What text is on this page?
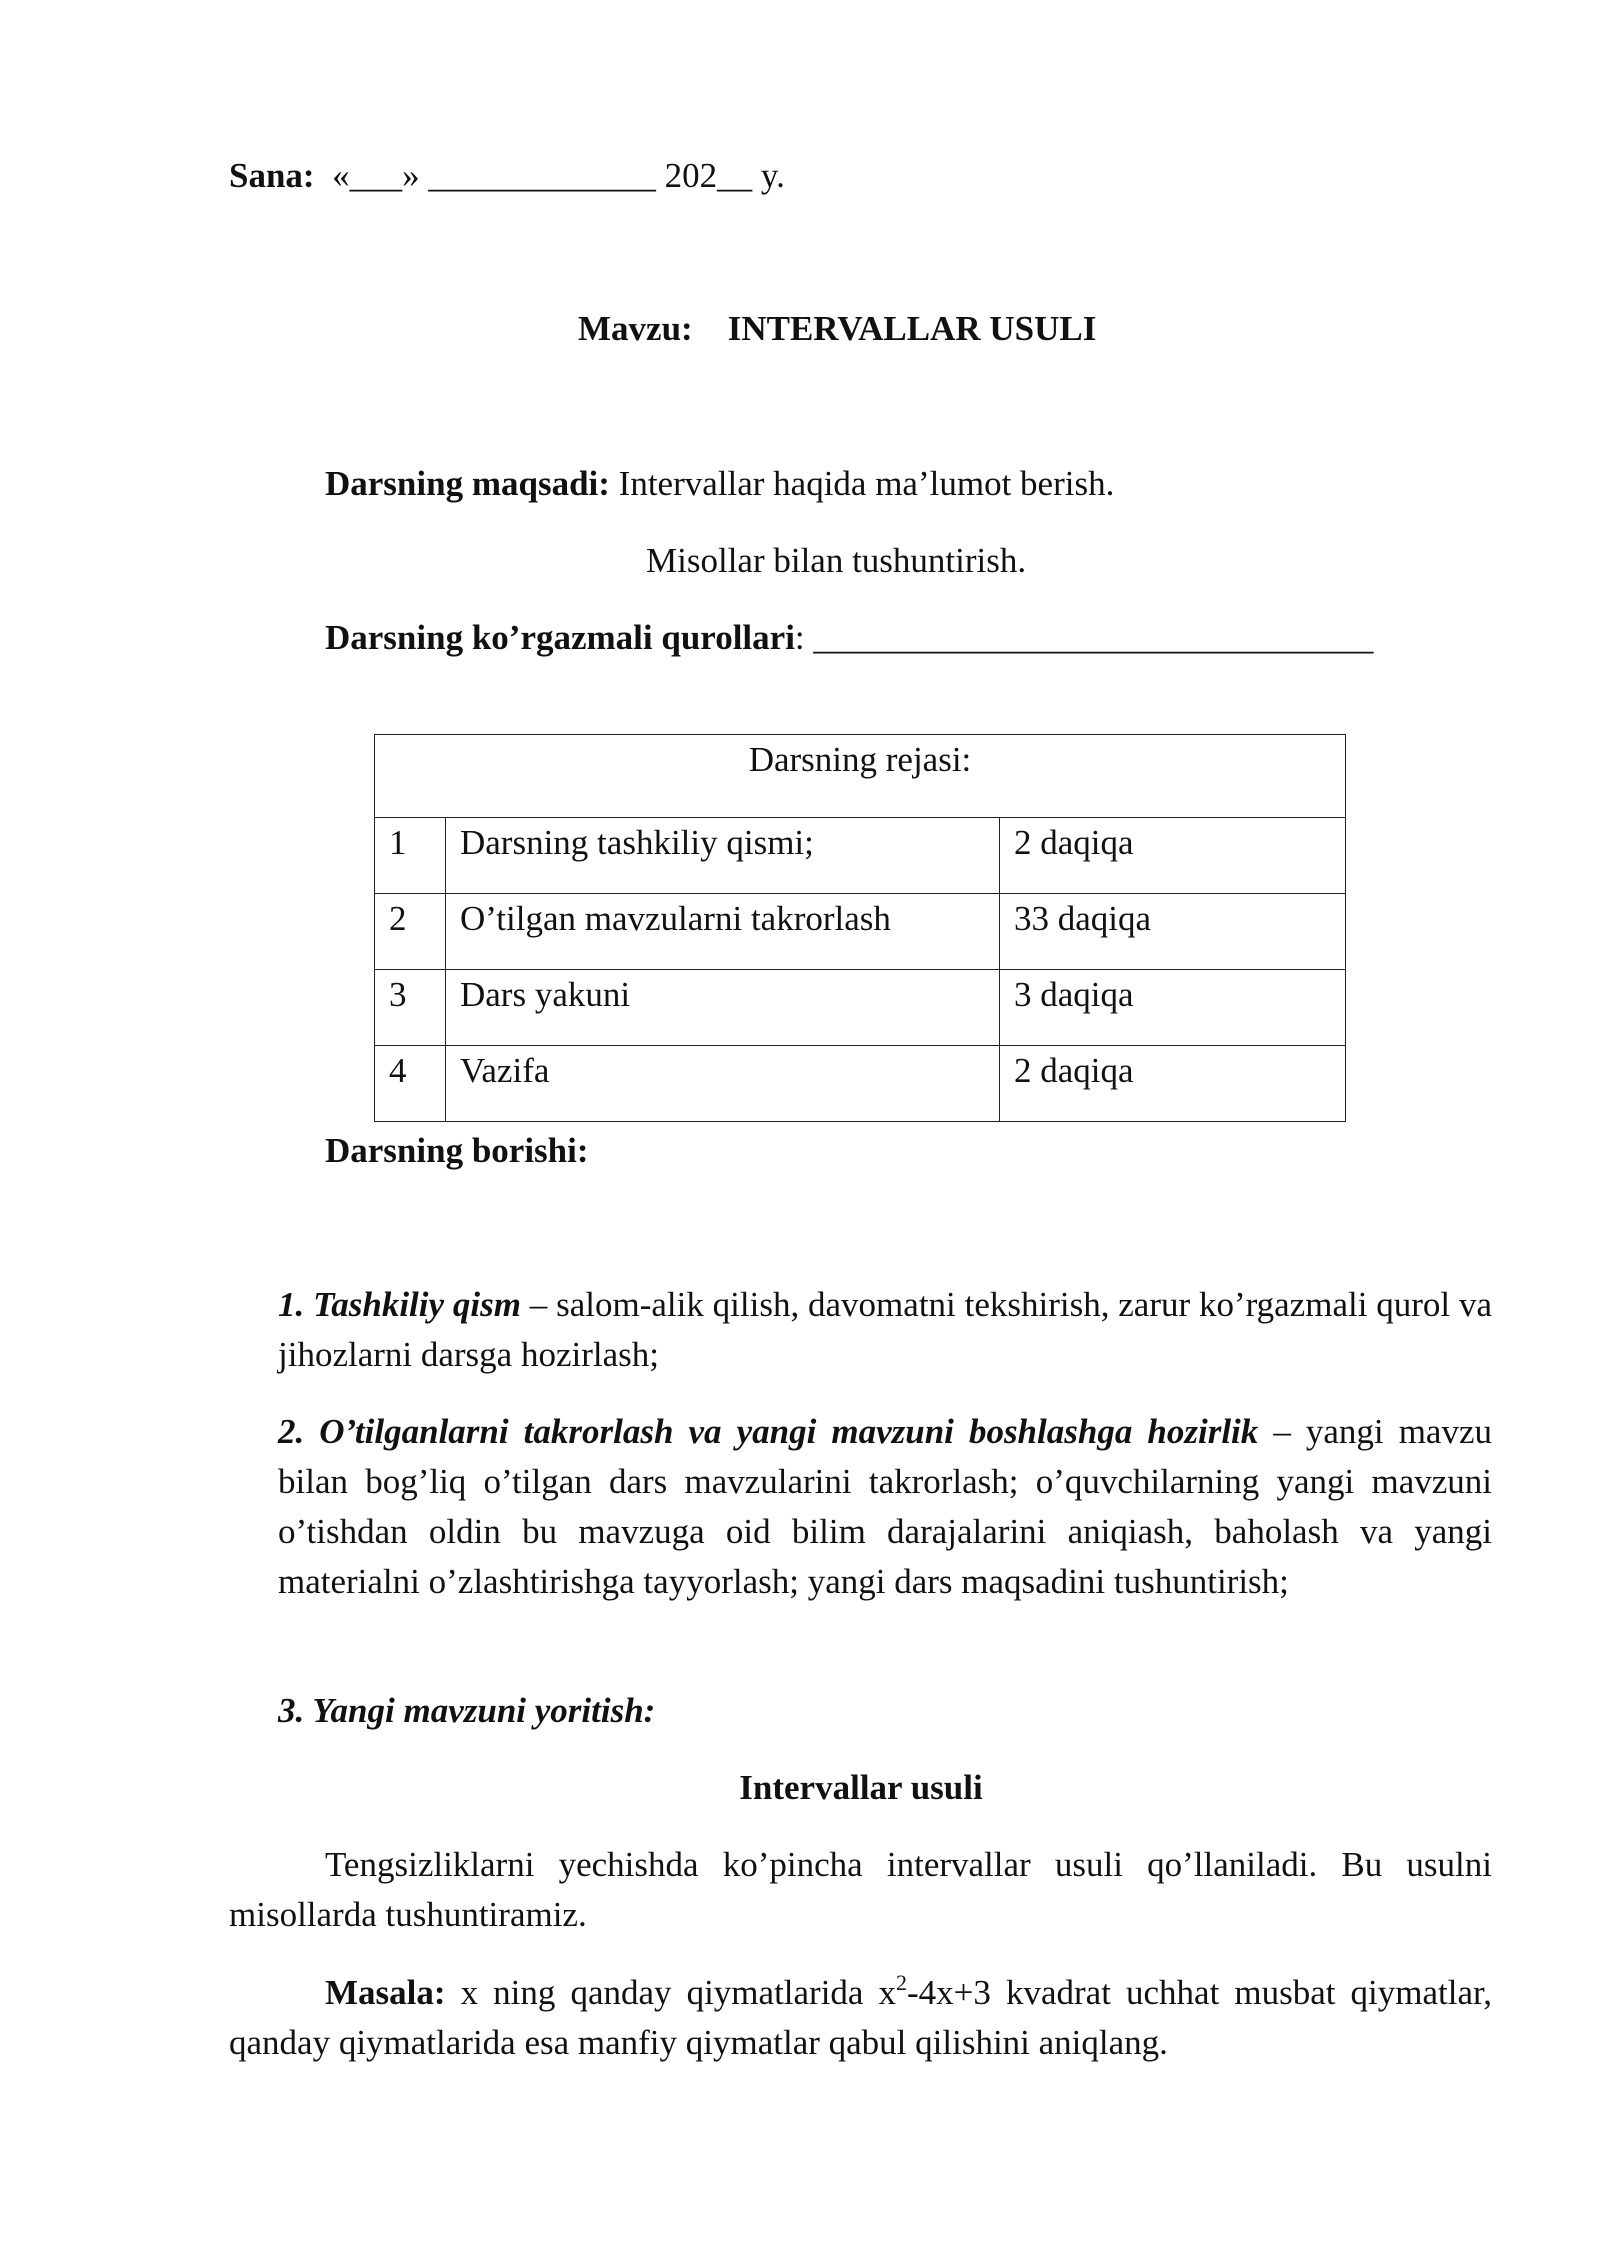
Sana: «___» _____________ 202__ y.

Mavzu: INTERVALLAR USULI

Darsning maqsadi: Intervallar haqida ma’lumot berish.

Misollar bilan tushuntirish.

Darsning ko’rgazmali qurollari: ________________________________

Darsning rejasi:		
1	Darsning tashkiliy qismi;	2 daqiqa
2	O’tilgan mavzularni takrorlash	33 daqiqa
3	Dars yakuni	3 daqiqa
4	Vazifa	2 daqiqa

Darsning borishi:

1. Tashkiliy qism – salom-alik qilish, davomatni tekshirish, zarur ko’rgazmali qurol va jihozlarni darsga hozirlash;

2. O’tilganlarni takrorlash va yangi mavzuni boshlashga hozirlik – yangi mavzu bilan bog’liq o’tilgan dars mavzularini takrorlash; o’quvchilarning yangi mavzuni o’tishdan oldin bu mavzuga oid bilim darajalarini aniqiash, baholash va yangi materialni o’zlashtirishga tayyorlash; yangi dars maqsadini tushuntirish;

3. Yangi mavzuni yoritish:

Intervallar usuli

Tengsizliklarni yechishda ko’pincha intervallar usuli qo’llaniladi. Bu usulni misollarda tushuntiramiz.

Masala: x ning qanday qiymatlarida $x^2-4x+3$ kvadrat uchhat musbat qiymatlar, qanday qiymatlarida esa manfiy qiymatlar qabul qilishini aniqlang.
